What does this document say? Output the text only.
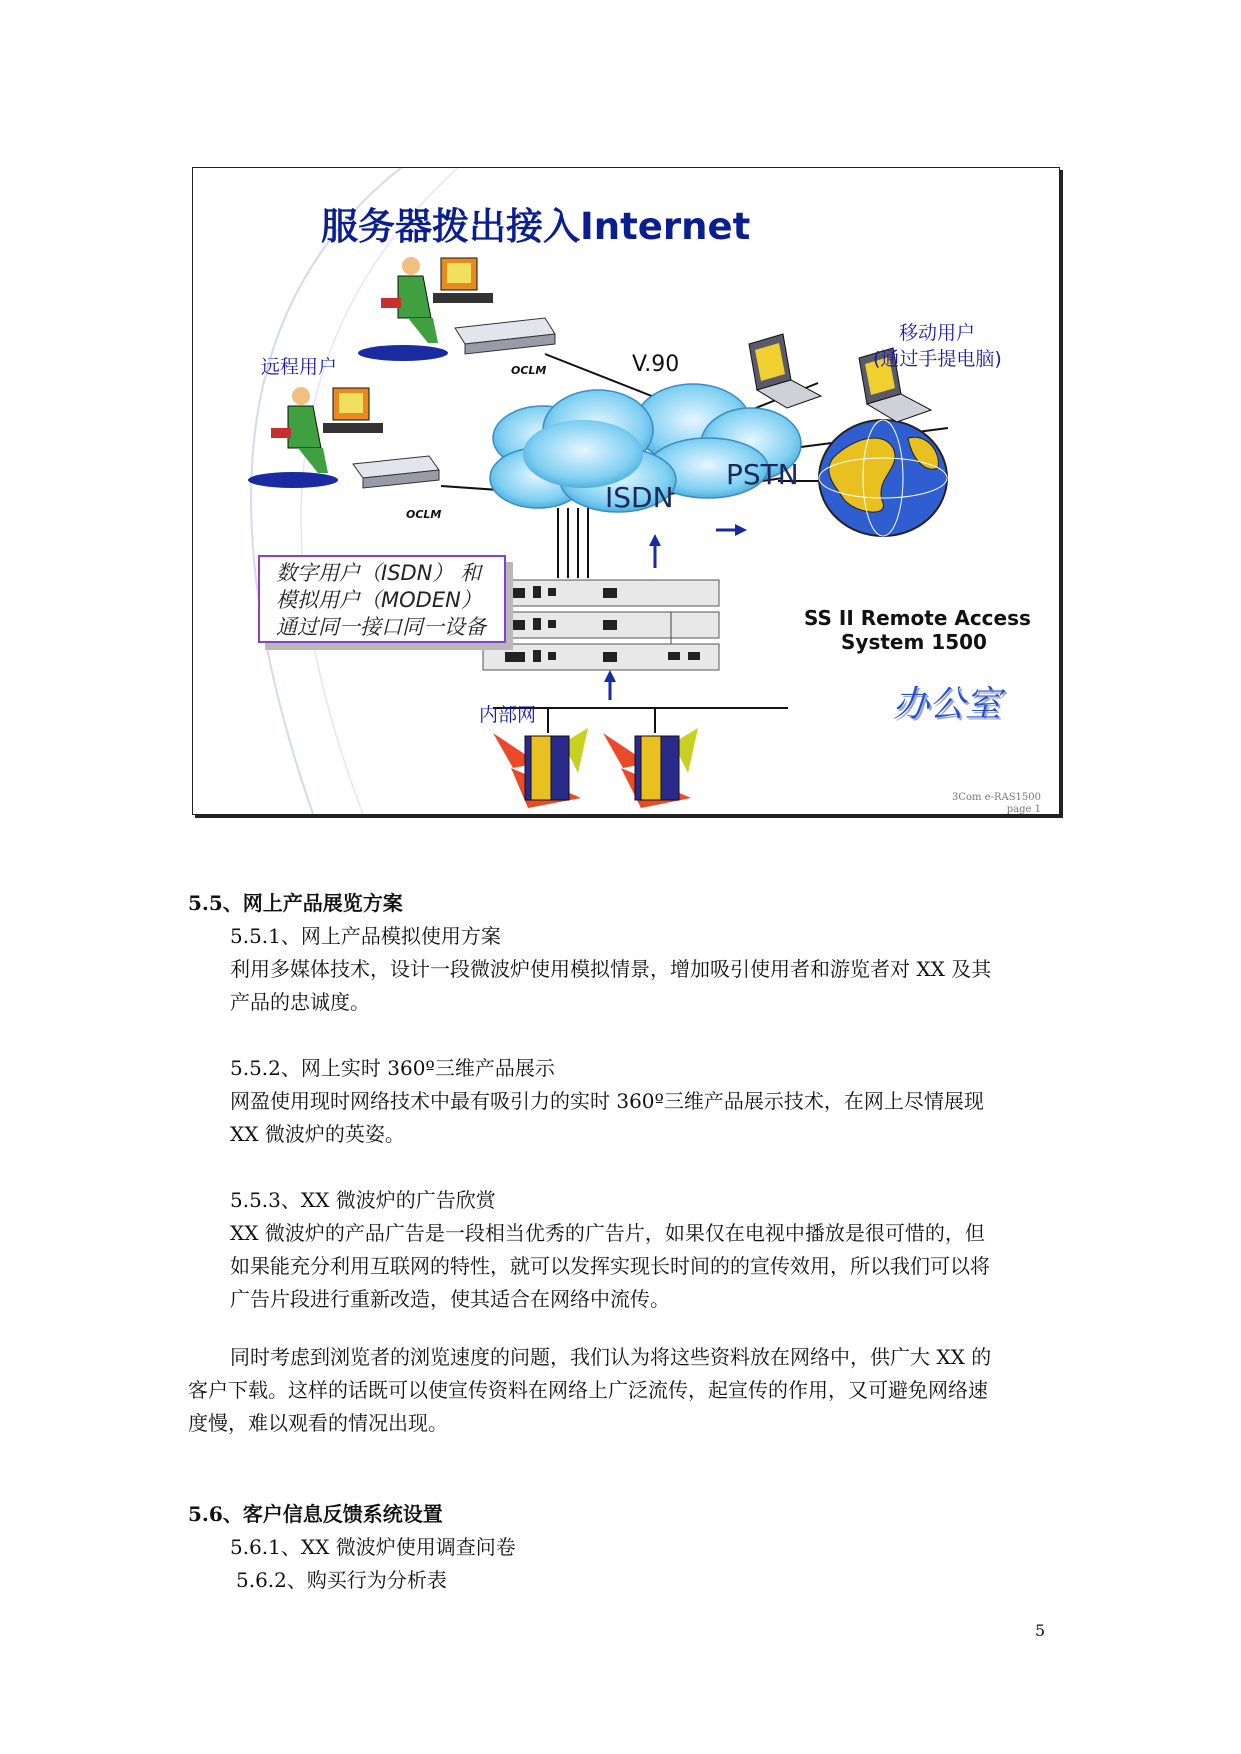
服务器拨出接入Internet
远程用户
移动用户
(通过手提电脑)
V.90
OCLM
OCLM
ISDN
PSTN
数字用户（ISDN） 和
模拟用户（MODEN）
通过同一接口同一设备	SS II Remote Access
System 1500
内部网	办公室
3Com e-RAS1500
page 1
5.5、网上产品展览方案
5.5.1、网上产品模拟使用方案
利用多媒体技术，设计一段微波炉使用模拟情景，增加吸引使用者和游览者对 XX 及其
产品的忠诚度。
5.5.2、网上实时 360º三维产品展示
网盈使用现时网络技术中最有吸引力的实时 360º三维产品展示技术，在网上尽情展现
XX 微波炉的英姿。
5.5.3、XX 微波炉的广告欣赏
XX 微波炉的产品广告是一段相当优秀的广告片，如果仅在电视中播放是很可惜的，但
如果能充分利用互联网的特性，就可以发挥实现长时间的的宣传效用，所以我们可以将
广告片段进行重新改造，使其适合在网络中流传。
同时考虑到浏览者的浏览速度的问题，我们认为将这些资料放在网络中，供广大 XX 的
客户下载。这样的话既可以使宣传资料在网络上广泛流传，起宣传的作用，又可避免网络速
度慢，难以观看的情况出现。
5.6、客户信息反馈系统设置
5.6.1、XX 微波炉使用调查问卷
5.6.2、购买行为分析表
5
